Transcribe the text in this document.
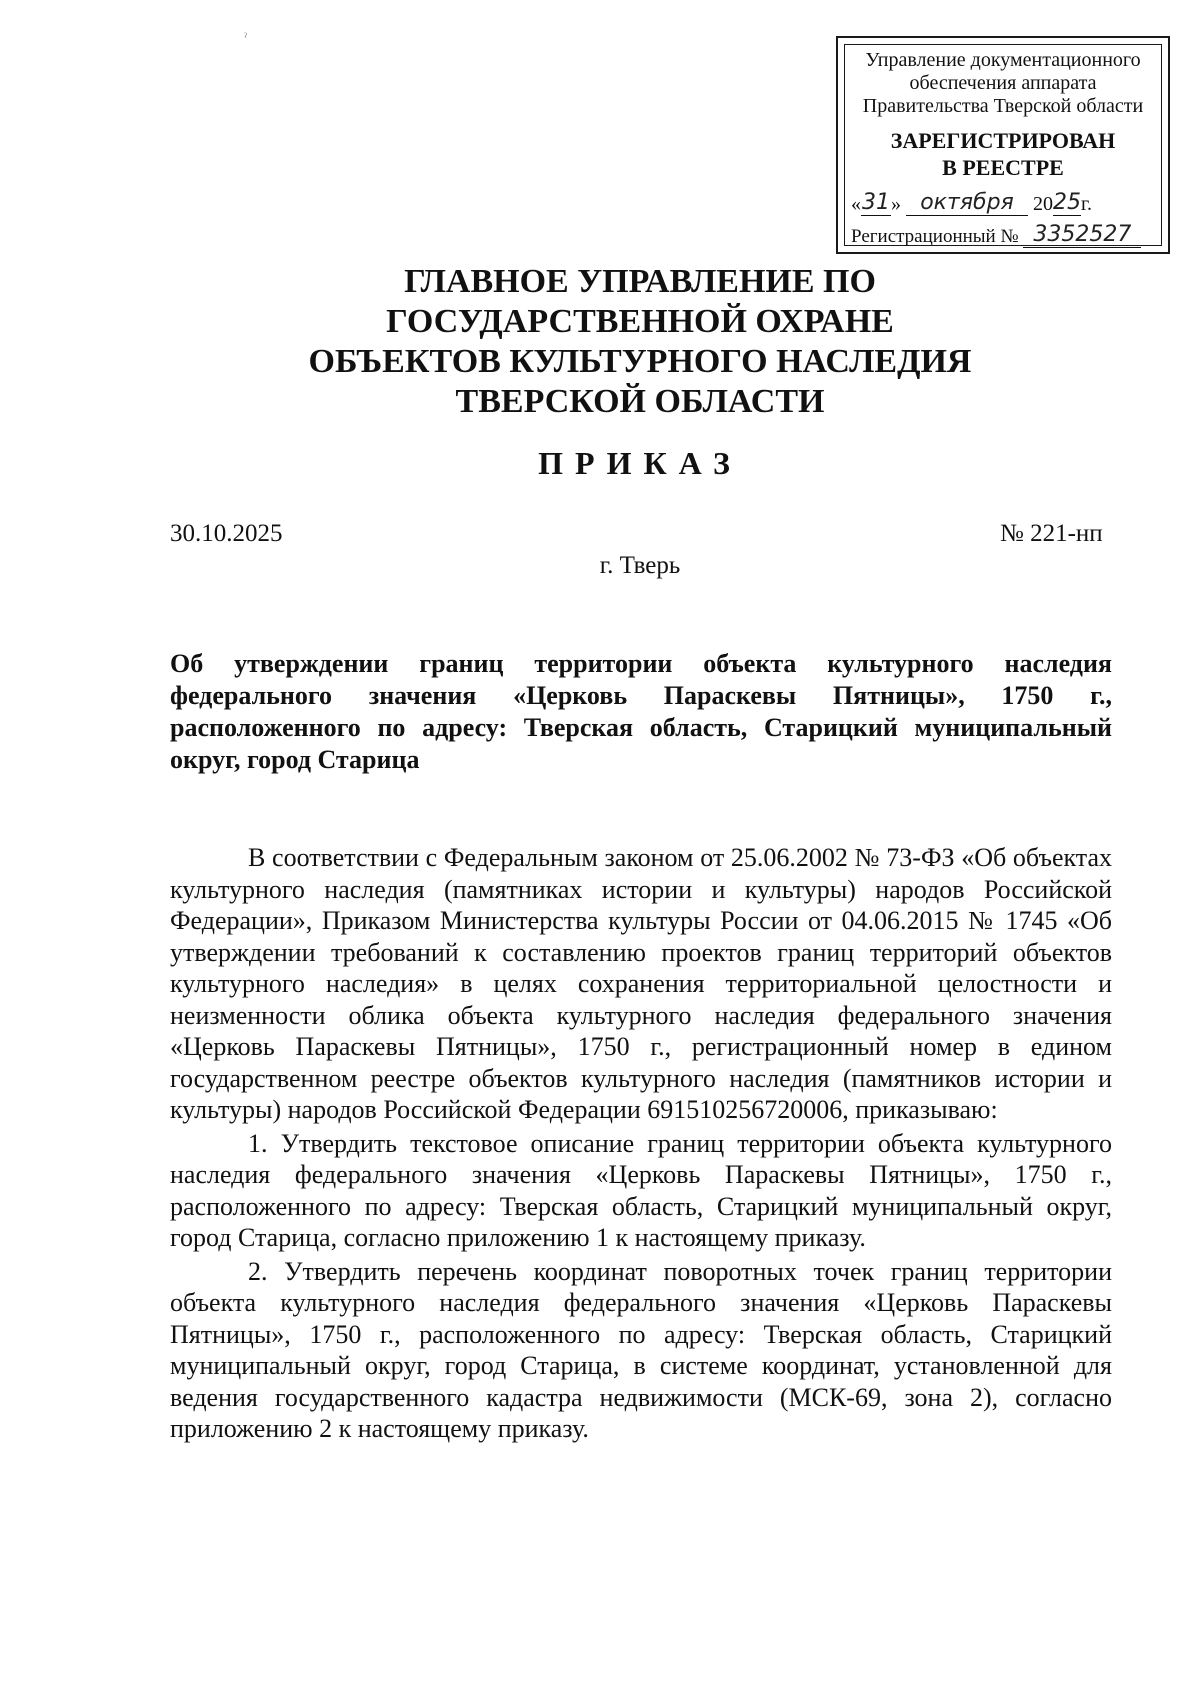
ˀ
Управление документационного
обеспечения аппарата
Правительства Тверской области
ЗАРЕГИСТРИРОВАН
В РЕЕСТРЕ
«31» октября 2025г.
Регистрационный № 3352527
ГЛАВНОЕ УПРАВЛЕНИЕ ПО
ГОСУДАРСТВЕННОЙ ОХРАНЕ
ОБЪЕКТОВ КУЛЬТУРНОГО НАСЛЕДИЯ
ТВЕРСКОЙ ОБЛАСТИ
ПРИКАЗ
30.10.2025	№ 221-нп
г. Тверь

Об утверждении границ территории объекта культурного наследия федерального значения «Церковь Параскевы Пятницы», 1750 г., расположенного по адресу: Тверская область, Старицкий муниципальный округ, город Старица

В соответствии с Федеральным законом от 25.06.2002 № 73-ФЗ «Об объектах культурного наследия (памятниках истории и культуры) народов Российской Федерации», Приказом Министерства культуры России от 04.06.2015 № 1745 «Об утверждении требований к составлению проектов границ территорий объектов культурного наследия» в целях сохранения территориальной целостности и неизменности облика объекта культурного наследия федерального значения «Церковь Параскевы Пятницы», 1750 г., регистрационный номер в едином государственном реестре объектов культурного наследия (памятников истории и культуры) народов Российской Федерации 691510256720006, приказываю:

1. Утвердить текстовое описание границ территории объекта культурного наследия федерального значения «Церковь Параскевы Пятницы», 1750 г., расположенного по адресу: Тверская область, Старицкий муниципальный округ, город Старица, согласно приложению 1 к настоящему приказу.

2. Утвердить перечень координат поворотных точек границ территории объекта культурного наследия федерального значения «Церковь Параскевы Пятницы», 1750 г., расположенного по адресу: Тверская область, Старицкий муниципальный округ, город Старица, в системе координат, установленной для ведения государственного кадастра недвижимости (МСК-69, зона 2), согласно приложению 2 к настоящему приказу.
